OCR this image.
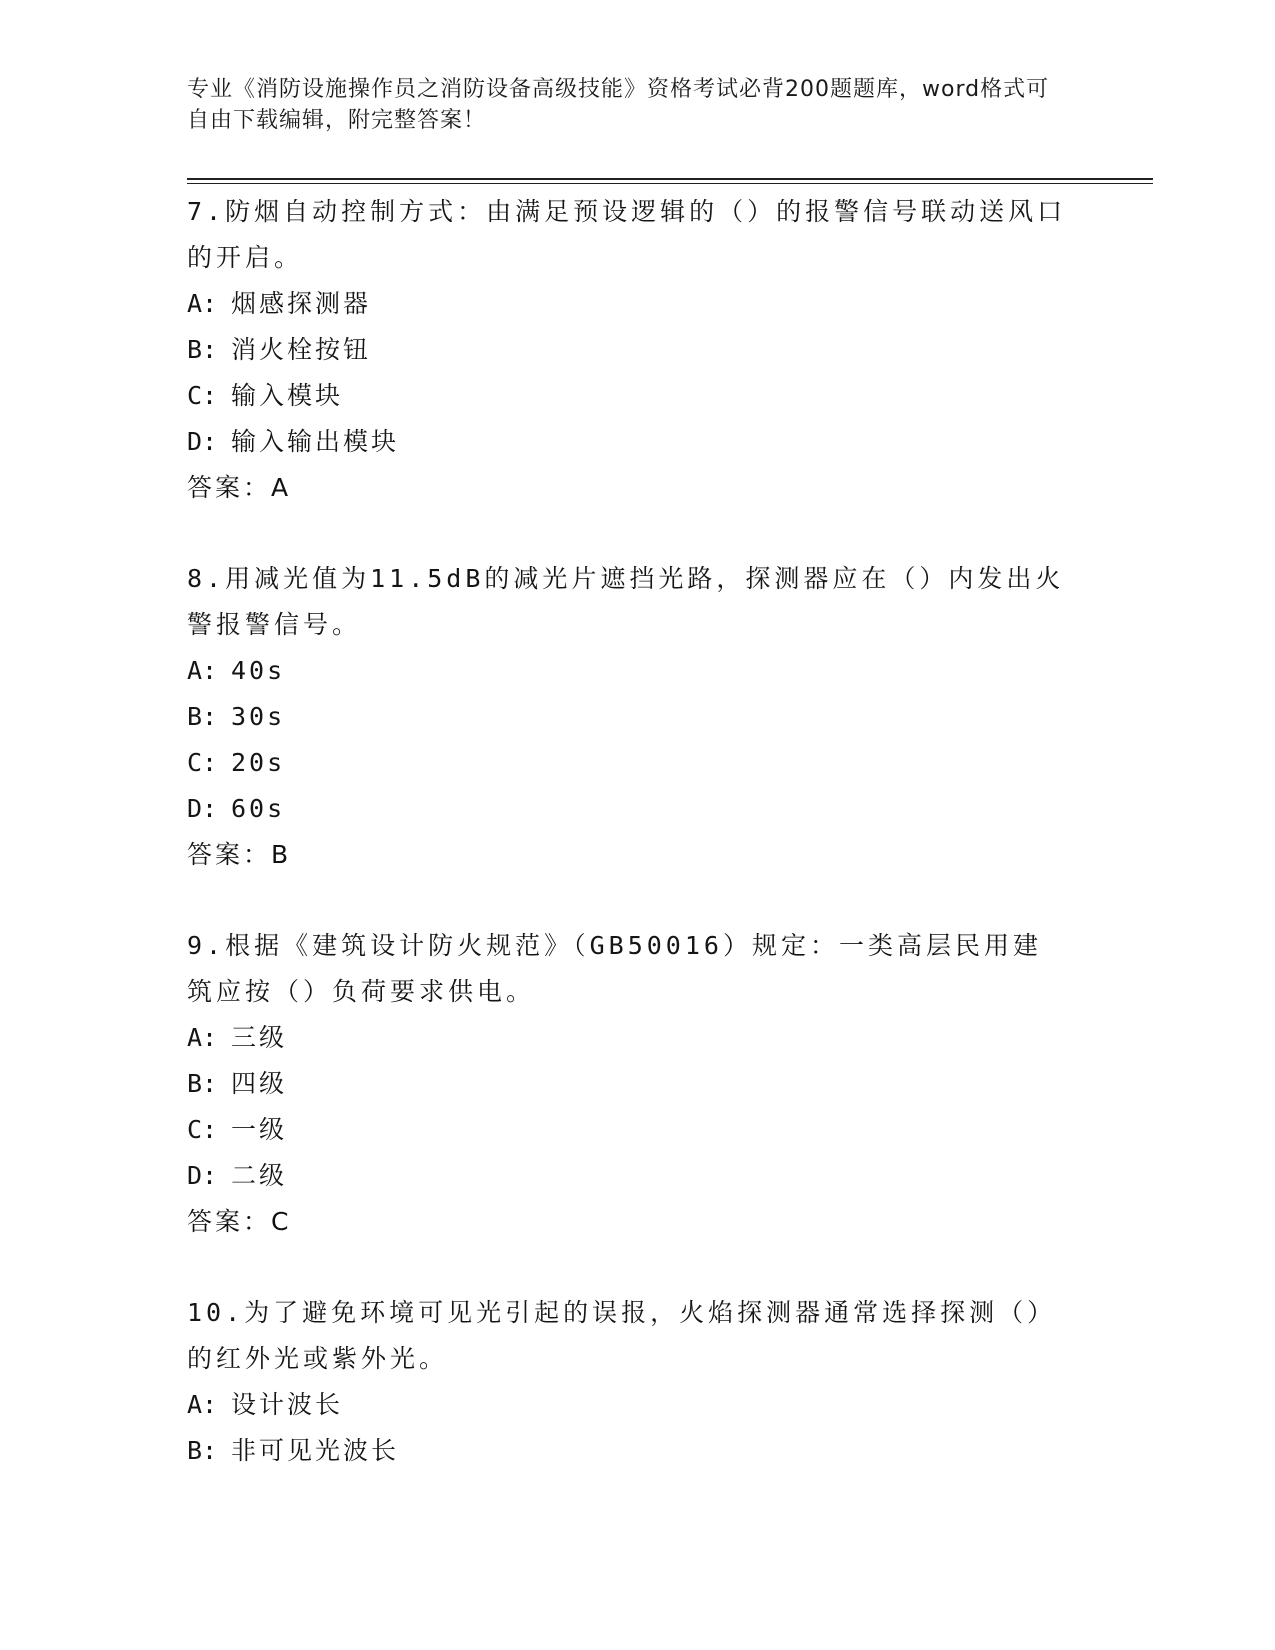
专业《消防设施操作员之消防设备高级技能》资格考试必背200题题库，word格式可自由下载编辑，附完整答案！
7.防烟自动控制方式：由满足预设逻辑的（）的报警信号联动送风口的开启。
A: 烟感探测器
B: 消火栓按钮
C: 输入模块
D: 输入输出模块
答案：A
8.用减光值为11.5dB的减光片遮挡光路，探测器应在（）内发出火警报警信号。
A: 40s
B: 30s
C: 20s
D: 60s
答案：B
9.根据《建筑设计防火规范》（GB50016）规定：一类高层民用建筑应按（）负荷要求供电。
A: 三级
B: 四级
C: 一级
D: 二级
答案：C
10.为了避免环境可见光引起的误报，火焰探测器通常选择探测（）的红外光或紫外光。
A: 设计波长
B: 非可见光波长
